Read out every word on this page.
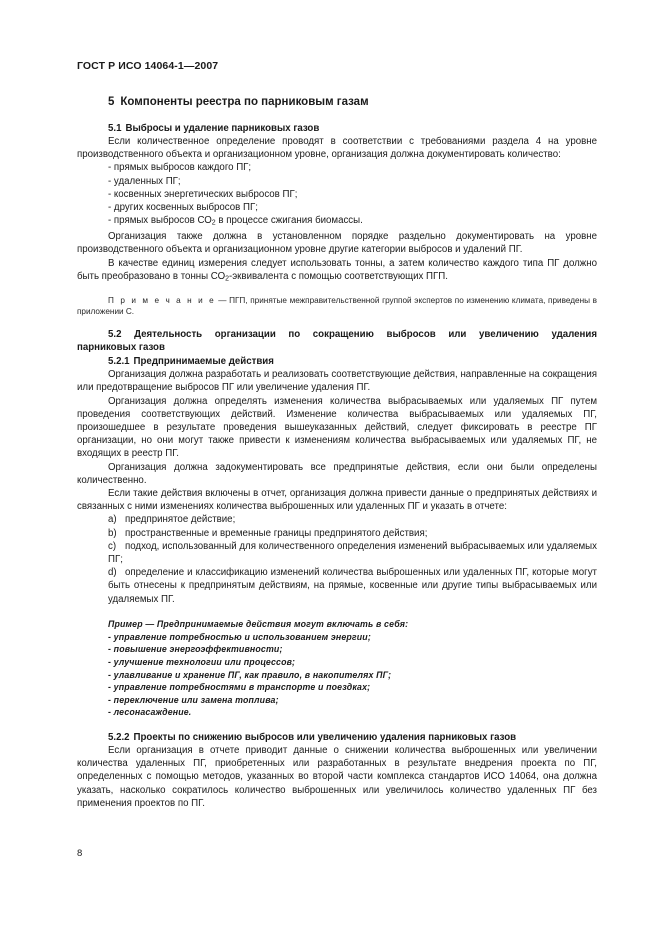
ГОСТ Р ИСО 14064-1—2007
5 Компоненты реестра по парниковым газам
5.1 Выбросы и удаление парниковых газов

Если количественное определение проводят в соответствии с требованиями раздела 4 на уровне производственного объекта и организационном уровне, организация должна документировать количество:

- прямых выбросов каждого ПГ;
- удаленных ПГ;
- косвенных энергетических выбросов ПГ;
- других косвенных выбросов ПГ;
- прямых выбросов $СО_2$ в процессе сжигания биомассы.

Организация также должна в установленном порядке раздельно документировать на уровне производственного объекта и организационном уровне другие категории выбросов и удалений ПГ.

В качестве единиц измерения следует использовать тонны, а затем количество каждого типа ПГ должно быть преобразовано в тонны $СО_2$-эквивалента с помощью соответствующих ПГП.

П р и м е ч а н и е — ПГП, принятые межправительственной группой экспертов по изменению климата, приведены в приложении С.

5.2 Деятельность организации по сокращению выбросов или увеличению удаления
парниковых газов
5.2.1 Предпринимаемые действия

Организация должна разработать и реализовать соответствующие действия, направленные на сокращения или предотвращение выбросов ПГ или увеличение удаления ПГ.

Организация должна определять изменения количества выбрасываемых или удаляемых ПГ путем проведения соответствующих действий. Изменение количества выбрасываемых или удаляемых ПГ, произошедшее в результате проведения вышеуказанных действий, следует фиксировать в реестре ПГ организации, но они могут также привести к изменениям количества выбрасываемых или удаляемых ПГ, не входящих в реестр ПГ.

Организация должна задокументировать все предпринятые действия, если они были определены количественно.

Если такие действия включены в отчет, организация должна привести данные о предпринятых действиях и связанных с ними изменениях количества выброшенных или удаленных ПГ и указать в отчете:

a) предпринятое действие;
b) пространственные и временные границы предпринятого действия;
c) подход, использованный для количественного определения изменений выбрасываемых или удаляемых ПГ;
d) определение и классификацию изменений количества выброшенных или удаленных ПГ, которые могут быть отнесены к предпринятым действиям, на прямые, косвенные или другие типы выбрасываемых или удаляемых ПГ.
Пример — Предпринимаемые действия могут включать в себя:
- управление потребностью и использованием энергии;
- повышение энергоэффективности;
- улучшение технологии или процессов;
- улавливание и хранение ПГ, как правило, в накопителях ПГ;
- управление потребностями в транспорте и поездках;
- переключение или замена топлива;
- лесонасаждение.
5.2.2 Проекты по снижению выбросов или увеличению удаления парниковых газов

Если организация в отчете приводит данные о снижении количества выброшенных или увеличении количества удаленных ПГ, приобретенных или разработанных в результате внедрения проекта по ПГ, определенных с помощью методов, указанных во второй части комплекса стандартов ИСО 14064, она должна указать, насколько сократилось количество выброшенных или увеличилось количество удаленных ПГ без применения проектов по ПГ.

8
